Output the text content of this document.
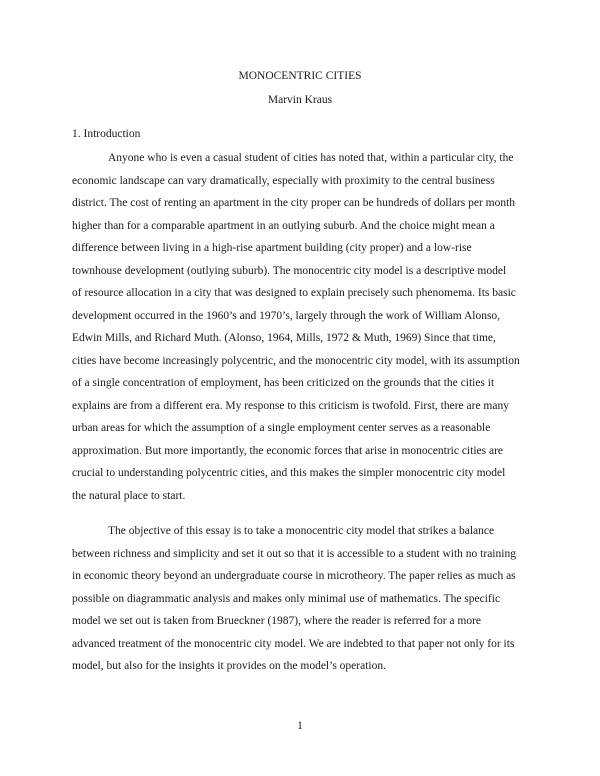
MONOCENTRIC CITIES
Marvin Kraus
1. Introduction
Anyone who is even a casual student of cities has noted that, within a particular city, the
economic landscape can vary dramatically, especially with proximity to the central business
district. The cost of renting an apartment in the city proper can be hundreds of dollars per month
higher than for a comparable apartment in an outlying suburb. And the choice might mean a
difference between living in a high-rise apartment building (city proper) and a low-rise
townhouse development (outlying suburb). The monocentric city model is a descriptive model
of resource allocation in a city that was designed to explain precisely such phenomema. Its basic
development occurred in the 1960’s and 1970’s, largely through the work of William Alonso,
Edwin Mills, and Richard Muth. (Alonso, 1964, Mills, 1972 & Muth, 1969) Since that time,
cities have become increasingly polycentric, and the monocentric city model, with its assumption
of a single concentration of employment, has been criticized on the grounds that the cities it
explains are from a different era. My response to this criticism is twofold. First, there are many
urban areas for which the assumption of a single employment center serves as a reasonable
approximation. But more importantly, the economic forces that arise in monocentric cities are
crucial to understanding polycentric cities, and this makes the simpler monocentric city model
the natural place to start.
The objective of this essay is to take a monocentric city model that strikes a balance
between richness and simplicity and set it out so that it is accessible to a student with no training
in economic theory beyond an undergraduate course in microtheory. The paper relies as much as
possible on diagrammatic analysis and makes only minimal use of mathematics. The specific
model we set out is taken from Brueckner (1987), where the reader is referred for a more
advanced treatment of the monocentric city model. We are indebted to that paper not only for its
model, but also for the insights it provides on the model’s operation.
1
